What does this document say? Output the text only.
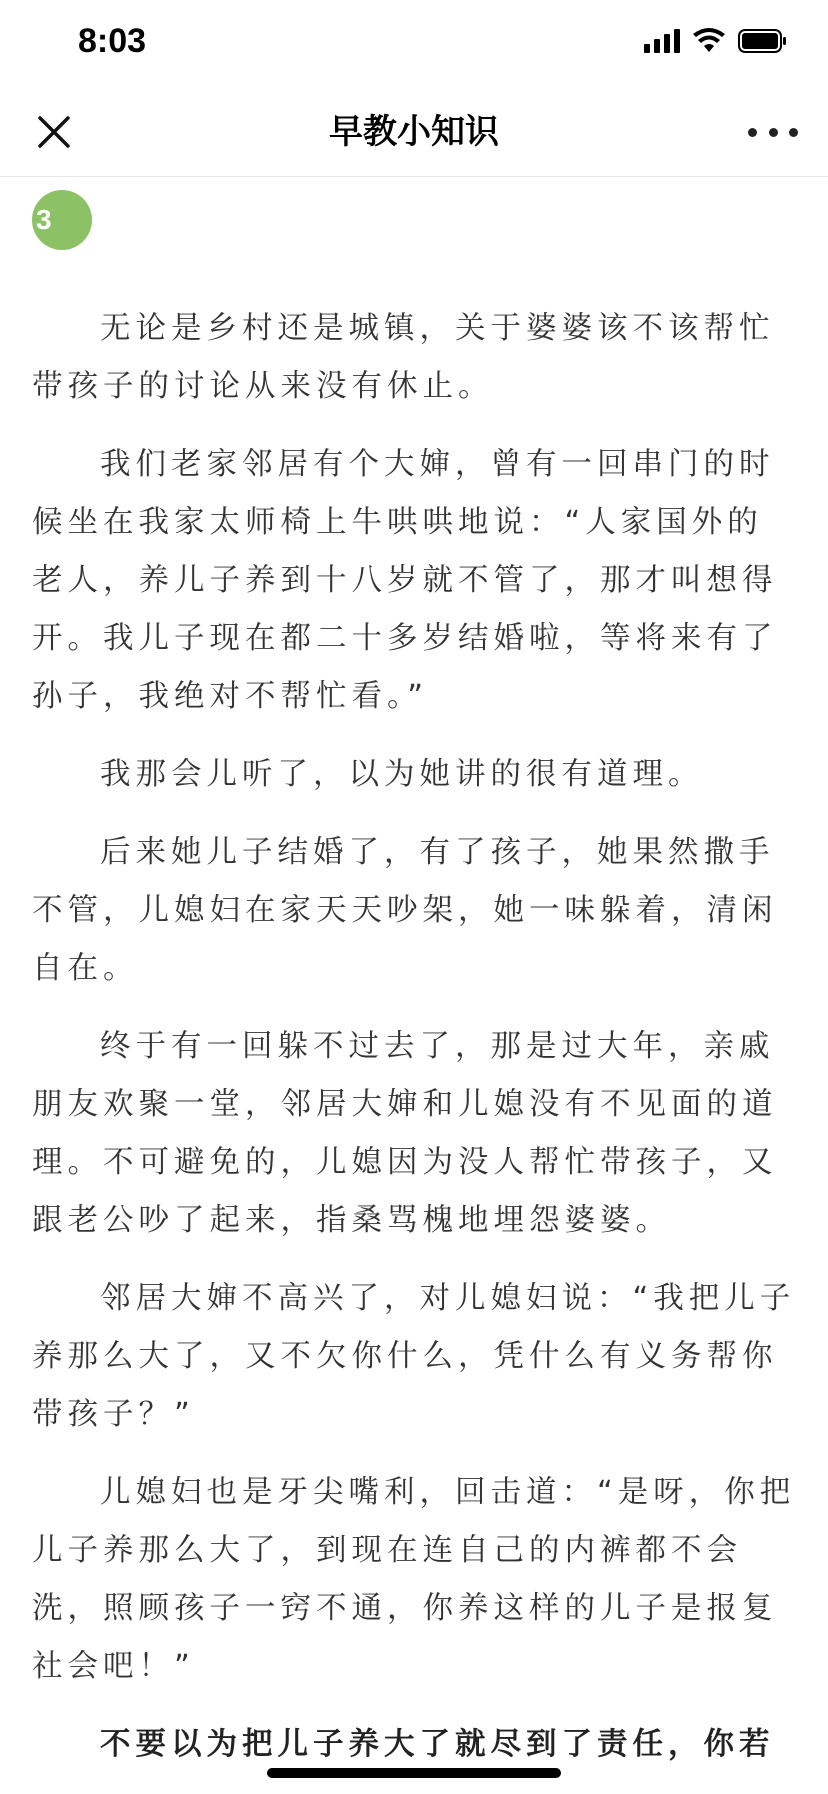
8:03
早教小知识
3

无论是乡村还是城镇，关于婆婆该不该帮忙带孩子的讨论从来没有休止。

我们老家邻居有个大婶，曾有一回串门的时候坐在我家太师椅上牛哄哄地说：“人家国外的老人，养儿子养到十八岁就不管了，那才叫想得开。我儿子现在都二十多岁结婚啦，等将来有了孙子，我绝对不帮忙看。”

我那会儿听了，以为她讲的很有道理。

后来她儿子结婚了，有了孩子，她果然撒手不管，儿媳妇在家天天吵架，她一味躲着，清闲自在。

终于有一回躲不过去了，那是过大年，亲戚朋友欢聚一堂，邻居大婶和儿媳没有不见面的道理。不可避免的，儿媳因为没人帮忙带孩子，又跟老公吵了起来，指桑骂槐地埋怨婆婆。

邻居大婶不高兴了，对儿媳妇说：“我把儿子养那么大了，又不欠你什么，凭什么有义务帮你带孩子？”

儿媳妇也是牙尖嘴利，回击道：“是呀，你把儿子养那么大了，到现在连自己的内裤都不会洗，照顾孩子一窍不通，你养这样的儿子是报复社会吧！”

不要以为把儿子养大了就尽到了责任，你若
